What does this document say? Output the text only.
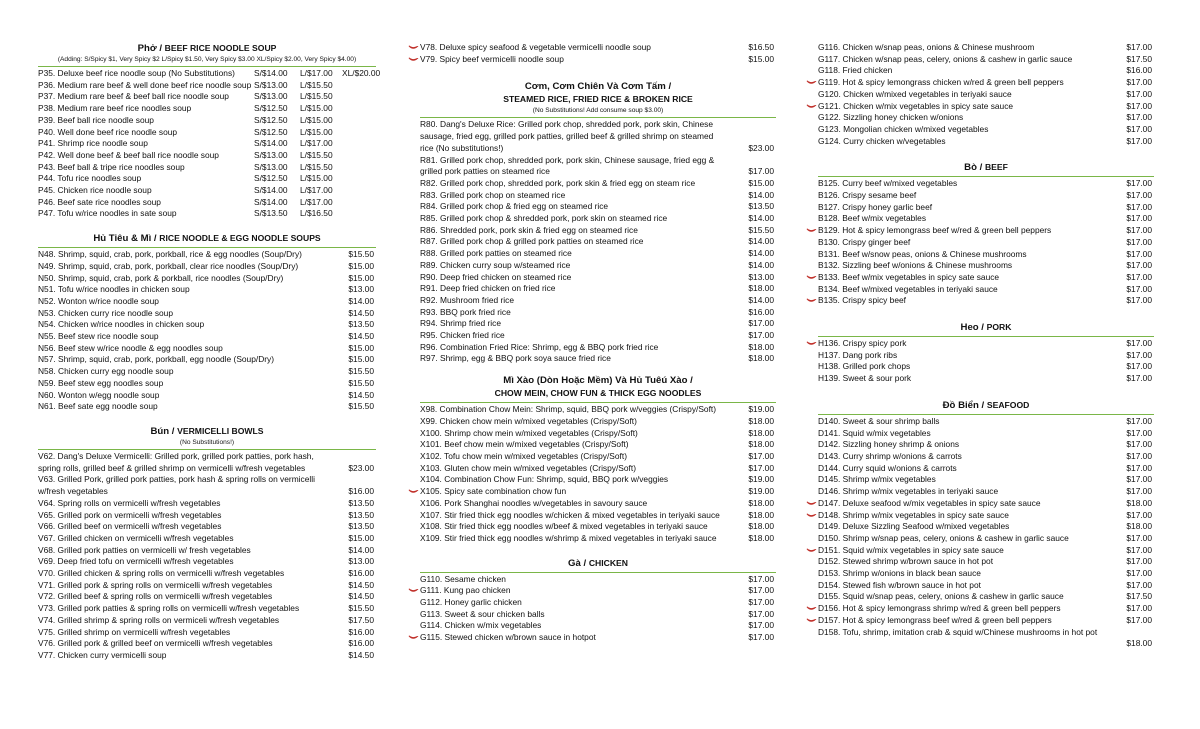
Phở / BEEF RICE NOODLE SOUP
(Adding: S/Spicy $1, Very Spicy $2 L/Spicy $1.50, Very Spicy $3.00 XL/Spicy $2.00, Very Spicy $4.00)
P35. Deluxe beef rice noodle soup (No Substitutions) S/$14.00 L/$17.00 XL/$20.00
P36. Medium rare beef & well done beef rice noodle soup S/$13.00 L/$15.50
P37. Medium rare beef & beef ball rice noodle soup	S/$13.00 L/$15.50
P38. Medium rare beef rice noodles soup	S/$12.50 L/$15.00
P39. Beef ball rice noodle soup	S/$12.50 L/$15.00
P40. Well done beef rice noodle soup	S/$12.50 L/$15.00
P41. Shrimp rice noodle soup	S/$14.00 L/$17.00
P42. Well done beef & beef ball rice noodle soup	S/$13.00 L/$15.50
P43. Beef ball & tripe rice noodles soup	S/$13.00 L/$15.50
P44. Tofu rice noodles soup	S/$12.50 L/$15.00
P45. Chicken rice noodle soup	S/$14.00 L/$17.00
P46. Beef sate rice noodles soup	S/$14.00 L/$17.00
P47. Tofu w/rice noodles in sate soup	S/$13.50 L/$16.50
Hủ Tiêu & Mì / RICE NOODLE & EGG NOODLE SOUPS
N48. Shrimp, squid, crab, pork, porkball, rice & egg noodles (Soup/Dry)	$15.50
N49. Shrimp, squid, crab, pork, porkball, clear rice noodles (Soup/Dry)	$15.00
N50. Shrimp, squid, crab, pork & porkball, rice noodles (Soup/Dry)	$15.00
N51. Tofu w/rice noodles in chicken soup	$13.00
N52. Wonton w/rice noodle soup	$14.00
N53. Chicken curry rice noodle soup	$14.50
N54. Chicken w/rice noodles in chicken soup	$13.50
N55. Beef stew rice noodle soup	$14.50
N56. Beef stew w/rice noodle & egg noodles soup	$15.00
N57. Shrimp, squid, crab, pork, porkball, egg noodle (Soup/Dry)	$15.00
N58. Chicken curry egg noodle soup	$15.50
N59. Beef stew egg noodles soup	$15.50
N60. Wonton w/egg noodle soup	$14.50
N61. Beef sate egg noodle soup	$15.50
Bún / VERMICELLI BOWLS
(No Substitutions!)
V62. Dang's Deluxe Vermicelli: Grilled pork, grilled pork patties, pork hash, spring rolls, grilled beef & grilled shrimp on vermicelli w/fresh vegetables	$23.00
V63. Grilled Pork, grilled pork patties, pork hash & spring rolls on vermicelli w/fresh vegetables	$16.00
V64. Spring rolls on vermicelli w/fresh vegetables	$13.50
V65. Grilled pork on vermicelli w/fresh vegetables	$13.50
V66. Grilled beef on vermicelli w/fresh vegetables	$13.50
V67. Grilled chicken on vermicelli w/fresh vegetables	$15.00
V68. Grilled pork patties on vermicelli w/ fresh vegetables	$14.00
V69. Deep fried tofu on vermicelli w/fresh vegetables	$13.00
V70. Grilled chicken & spring rolls on vermicelli w/fresh vegetables	$16.00
V71. Grilled pork & spring rolls on vermicelli w/fresh vegetables	$14.50
V72. Grilled beef & spring rolls on vermicelli w/fresh vegetables	$14.50
V73. Grilled pork patties & spring rolls on vermicelli w/fresh vegetables	$15.50
V74. Grilled shrimp & spring rolls on vermiceli w/fresh vegetables	$17.50
V75. Grilled shrimp on vermicelli w/fresh vegetables	$16.00
V76. Grilled pork & grilled beef on vermicelli w/fresh vegetables	$16.00
V77. Chicken curry vermicelli soup	$14.50
V78. Deluxe spicy seafood & vegetable vermicelli noodle soup	$16.50
V79. Spicy beef vermicelli noodle soup	$15.00
Cơm, Cơm Chiên Và Cơm Tấm /
STEAMED RICE, FRIED RICE & BROKEN RICE
(No Substitutions! Add consume soup $3.00)
R80. Dang's Deluxe Rice: Grilled pork chop, shredded pork, pork skin, Chinese sausage, fried egg, grilled pork patties, grilled beef & grilled shrimp on steamed rice (No substitutions!)	$23.00
R81. Grilled pork chop, shredded pork, pork skin, Chinese sausage, fried egg & grilled pork patties on steamed rice	$17.00
R82. Grilled pork chop, shredded pork, pork skin & fried egg on steam rice	$15.00
R83. Grilled pork chop on steamed rice	$14.00
R84. Grilled pork chop & fried egg on steamed rice	$13.50
R85. Grilled pork chop & shredded pork, pork skin on steamed rice	$14.00
R86. Shredded pork, pork skin & fried egg on steamed rice	$15.50
R87. Grilled pork chop & grilled pork patties on steamed rice	$14.00
R88. Grilled pork patties on steamed rice	$14.00
R89. Chicken curry soup w/steamed rice	$14.00
R90. Deep fried chicken on steamed rice	$13.00
R91. Deep fried chicken on fried rice	$18.00
R92. Mushroom fried rice	$14.00
R93. BBQ pork fried rice	$16.00
R94. Shrimp fried rice	$17.00
R95. Chicken fried rice	$17.00
R96. Combination Fried Rice: Shrimp, egg & BBQ pork fried rice	$18.00
R97. Shrimp, egg & BBQ pork soya sauce fried rice	$18.00
Mì Xào (Dòn Hoặc Mềm) Và Hủ Tuêú Xào /
CHOW MEIN, CHOW FUN & THICK EGG NOODLES
X98. Combination Chow Mein: Shrimp, squid, BBQ pork w/veggies (Crispy/Soft)	$19.00
X99. Chicken chow mein w/mixed vegetables (Crispy/Soft)	$18.00
X100. Shrimp chow mein w/mixed vegetables (Crispy/Soft)	$18.00
X101. Beef chow mein w/mixed vegetables (Crispy/Soft)	$18.00
X102. Tofu chow mein w/mixed vegetables (Crispy/Soft)	$17.00
X103. Gluten chow mein w/mixed vegetables (Crispy/Soft)	$17.00
X104. Combination Chow Fun: Shrimp, squid, BBQ pork w/veggies	$19.00
X105. Spicy sate combination chow fun	$19.00
X106. Pork Shanghai noodles w/vegetables in savoury sauce	$18.00
X107. Stir fried thick egg noodles w/chicken & mixed vegetables in teriyaki sauce	$18.00
X108. Stir fried thick egg noodles w/beef & mixed vegetables in teriyaki sauce	$18.00
X109. Stir fried thick egg noodles w/shrimp & mixed vegetables in teriyaki sauce	$18.00
Gà / CHICKEN
G110. Sesame chicken	$17.00
G111. Kung pao chicken	$17.00
G112. Honey garlic chicken	$17.00
G113. Sweet & sour chicken balls	$17.00
G114. Chicken w/mix vegetables	$17.00
G115. Stewed chicken w/brown sauce in hotpot	$17.00
G116. Chicken w/snap peas, onions & Chinese mushroom	$17.00
G117. Chicken w/snap peas, celery, onions & cashew in garlic sauce	$17.50
G118. Fried chicken	$16.00
G119. Hot & spicy lemongrass chicken w/red & green bell peppers	$17.00
G120. Chicken w/mixed vegetables in teriyaki sauce	$17.00
G121. Chicken w/mix vegetables in spicy sate sauce	$17.00
G122. Sizzling honey chicken w/onions	$17.00
G123. Mongolian chicken w/mixed vegetables	$17.00
G124. Curry chicken w/vegetables	$17.00
Bò / BEEF
B125. Curry beef w/mixed vegetables	$17.00
B126. Crispy sesame beef	$17.00
B127. Crispy honey garlic beef	$17.00
B128. Beef w/mix vegetables	$17.00
B129. Hot & spicy lemongrass beef w/red & green bell peppers	$17.00
B130. Crispy ginger beef	$17.00
B131. Beef w/snow peas, onions & Chinese mushrooms	$17.00
B132. Sizzling beef w/onions & Chinese mushrooms	$17.00
B133. Beef w/mix vegetables in spicy sate sauce	$17.00
B134. Beef w/mixed vegetables in teriyaki sauce	$17.00
B135. Crispy spicy beef	$17.00
Heo / PORK
H136. Crispy spicy pork	$17.00
H137. Dang pork ribs	$17.00
H138. Grilled pork chops	$17.00
H139. Sweet & sour pork	$17.00
Đồ Biển / SEAFOOD
D140. Sweet & sour shrimp balls	$17.00
D141. Squid w/mix vegetables	$17.00
D142. Sizzling honey shrimp & onions	$17.00
D143. Curry shrimp w/onions & carrots	$17.00
D144. Curry squid w/onions & carrots	$17.00
D145. Shrimp w/mix vegetables	$17.00
D146. Shrimp w/mix vegetables in teriyaki sauce	$17.00
D147. Deluxe seafood w/mix vegetables in spicy sate sauce	$18.00
D148. Shrimp w/mix vegetables in spicy sate sauce	$17.00
D149. Deluxe Sizzling Seafood w/mixed vegetables	$18.00
D150. Shrimp w/snap peas, celery, onions & cashew in garlic sauce	$17.00
D151. Squid w/mix vegetables in spicy sate sauce	$17.00
D152. Stewed shrimp w/brown sauce in hot pot	$17.00
D153. Shrimp w/onions in black bean sauce	$17.00
D154. Stewed fish w/brown sauce in hot pot	$17.00
D155. Squid w/snap peas, celery, onions & cashew in garlic sauce	$17.50
D156. Hot & spicy lemongrass shrimp w/red & green bell peppers	$17.00
D157. Hot & spicy lemongrass beef w/red & green bell peppers	$17.00
D158. Tofu, shrimp, imitation crab & squid w/Chinese mushrooms in hot pot
$18.00
